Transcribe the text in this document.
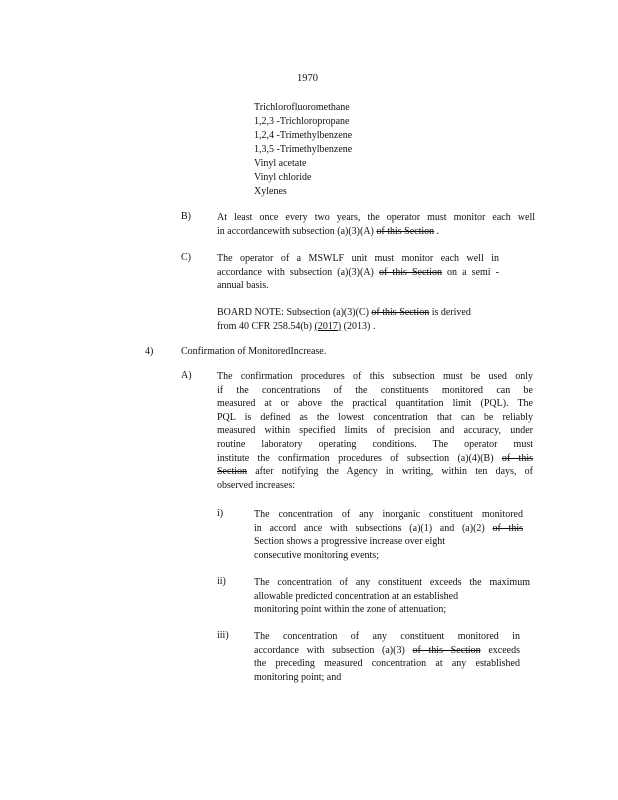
1970
Trichlorofluoromethane
1,2,3 -Trichloropropane
1,2,4 -Trimethylbenzene
1,3,5 -Trimethylbenzene
Vinyl acetate
Vinyl chloride
Xylenes
B)	At least once every two years, the operator must monitor each well
in accordancewith subsection (a)(3)(A) of this Section .
C)	The operator of a MSWLF unit must monitor each well in
accordance with subsection (a)(3)(A) of this Section on a semi -
annual basis.
BOARD NOTE: Subsection (a)(3)(C) of this Section is derived
from 40 CFR 258.54(b) (2017) (2013) .
4)	Confirmation of MonitoredIncrease.
A)	The confirmation procedures of this subsection must be used only
if the concentrations of the constituents monitored can be
measured at or above the practical quantitation limit (PQL). The
PQL is defined as the lowest concentration that can be reliably
measured within specified limits of precision and accuracy, under
routine laboratory operating conditions. The operator must
institute the confirmation procedures of subsection (a)(4)(B) of this
Section after notifying the Agency in writing, within ten days, of
observed increases:
i)	The concentration of any inorganic constituent monitored
in accord ance with subsections (a)(1) and (a)(2) of this
Section shows a progressive increase over eight
consecutive monitoring events;
ii)	The concentration of any constituent exceeds the maximum
allowable predicted concentration at an established
monitoring point within the zone of attenuation;
iii)	The concentration of any constituent monitored in
accordance with subsection (a)(3) of this Section exceeds
the preceding measured concentration at any established
monitoring point; and
